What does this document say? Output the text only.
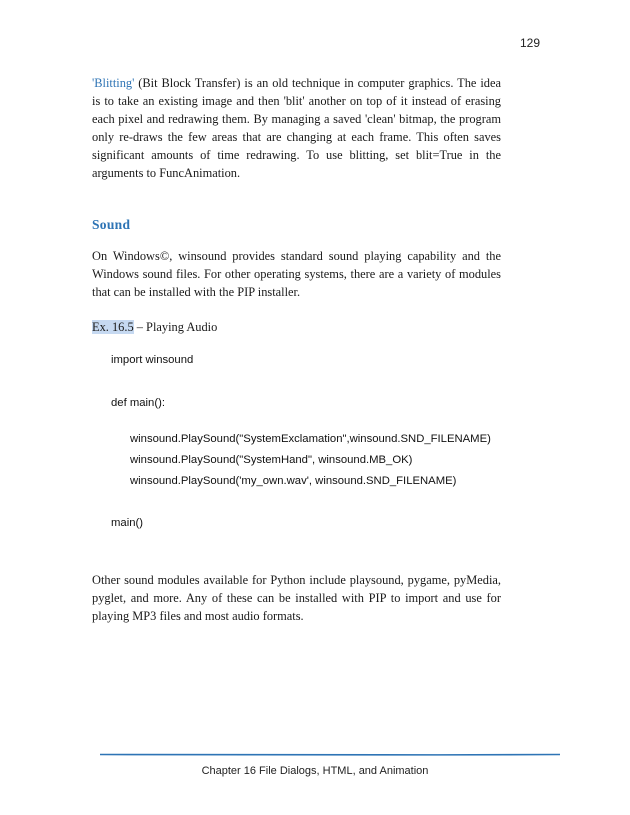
129

'Blitting' (Bit Block Transfer) is an old technique in computer graphics. The idea is to take an existing image and then 'blit' another on top of it instead of erasing each pixel and redrawing them. By managing a saved 'clean' bitmap, the program only re-draws the few areas that are changing at each frame. This often saves significant amounts of time redrawing. To use blitting, set blit=True in the arguments to FuncAnimation.

Sound

On Windows©, winsound provides standard sound playing capability and the Windows sound files. For other operating systems, there are a variety of modules that can be installed with the PIP installer.

Ex. 16.5 – Playing Audio

import winsound

def main():

winsound.PlaySound("SystemExclamation",winsound.SND_FILENAME)

winsound.PlaySound("SystemHand", winsound.MB_OK)

winsound.PlaySound('my_own.wav', winsound.SND_FILENAME)

main()

Other sound modules available for Python include playsound, pygame, pyMedia, pyglet, and more. Any of these can be installed with PIP to import and use for playing MP3 files and most audio formats.

Chapter 16 File Dialogs, HTML, and Animation
